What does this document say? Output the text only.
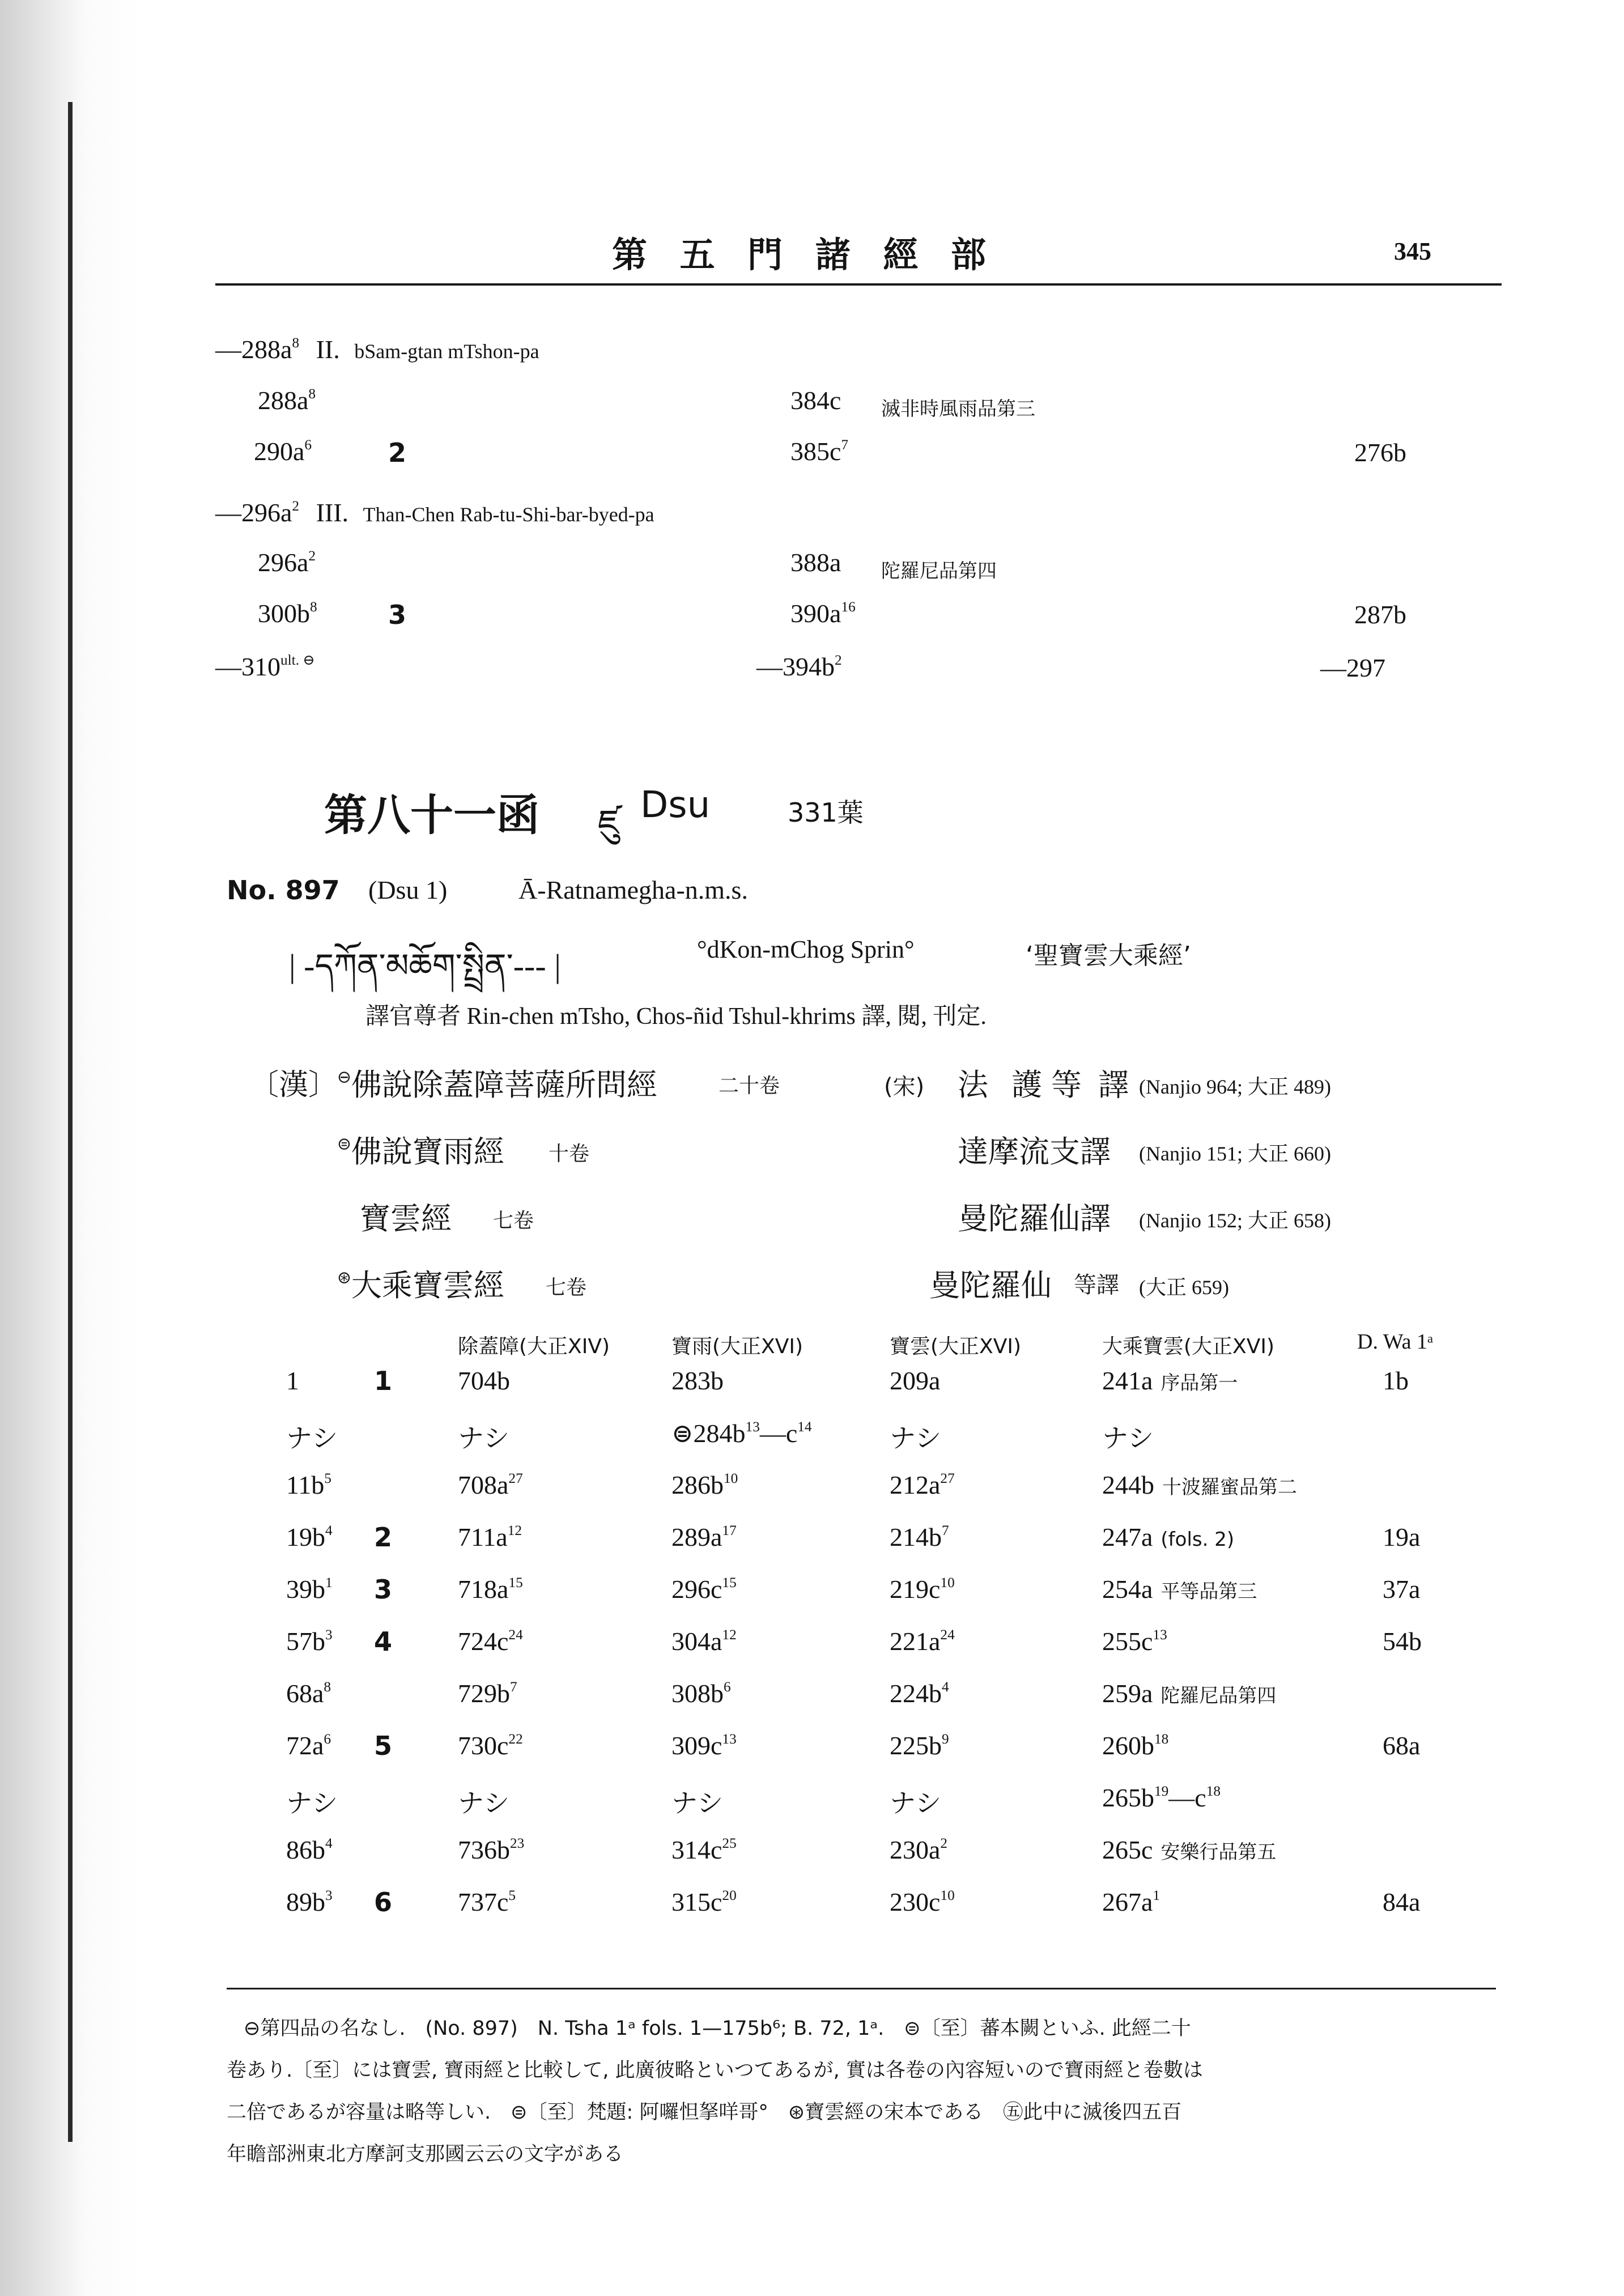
第 五 門 諸 經 部	345
$—288a^8$ II. bSam-gtan mTshon-pa
$288a^8$	384c 滅非時風雨品第三
$290a^6$	2	$385c^7$	276b
$—296a^2$ III. Than-Chen Rab-tu-Shi-bar-byed-pa
$296a^2$	388a 陀羅尼品第四
$300b^8$	3	$390a^{16}$	287b
$—310^{ult. ⊖}$	$—394b^2$	—297
第八十一函 ཛུ Dsu	331葉
No. 897 (Dsu 1)	Ā-Ratnamegha-n.m.s.
| -དཀོན་མཆོག་སྤྲིན་--- |	°dKon-mChog Sprin°	‘聖寶雲大乘經’
譯官尊者 Rin-chen mTsho, Chos-ñid Tshul-khrims 譯, 閱, 刊定.
〔漢〕
⊖佛說除蓋障菩薩所問經	二十卷	(宋) 法 護 等 譯 (Nanjio 964; 大正 489)
⊜佛說寶雨經 十卷	達摩流支譯 (Nanjio 151; 大正 660)
寶雲經 七卷	曼陀羅仙譯 (Nanjio 152; 大正 658)
⊛大乘寶雲經 七卷	曼陀羅仙 等譯 (大正 659)
除蓋障(大正XIV)	寶雨(大正XVI)	寶雲(大正XVI)	大乘寶雲(大正XVI)	D. Wa 1ᵃ
1	1	704b	283b	209a	241a 序品第一	1b
ナシ	ナシ	$⊜284b^{13}—c^{14}$	ナシ	ナシ
$11b^5$	$708a^{27}$	$286b^{10}$	$212a^{27}$	244b 十波羅蜜品第二
$19b^4$ 2	$711a^{12}$	$289a^{17}$	$214b^7$	247a (fols. 2)	19a
$39b^1$ 3	$718a^{15}$	$296c^{15}$	$219c^{10}$	254a 平等品第三	37a
$57b^3$ 4	$724c^{24}$	$304a^{12}$	$221a^{24}$	$255c^{13}$	54b
$68a^8$	$729b^7$	$308b^6$	$224b^4$	259a 陀羅尼品第四
$72a^6$ 5	$730c^{22}$	$309c^{13}$	$225b^9$	$260b^{18}$	68a
ナシ	ナシ	ナシ	ナシ	$265b^{19}—c^{18}$
$86b^4$	$736b^{23}$	$314c^{25}$	$230a^2$	265c 安樂行品第五
$89b^3$ 6	$737c^5$	$315c^{20}$	$230c^{10}$	$267a^1$	84a
⊖第四品の名なし.　(No. 897)　N. Tsha 1ᵃ fols. 1—175b⁶; B. 72, 1ᵃ.　⊜〔至〕蕃本闕といふ. 此經二十
卷あり.〔至〕には寶雲, 寶雨經と比較して, 此廣彼略といつてあるが, 實は各卷の內容短いので寶雨經と卷數は
二倍であるが容量は略等しい.　⊜〔至〕梵題: 阿囉怛拏咩哥°　⊛寶雲經の宋本である　㊄此中に滅後四五百
年瞻部洲東北方摩訶支那國云云の文字がある
